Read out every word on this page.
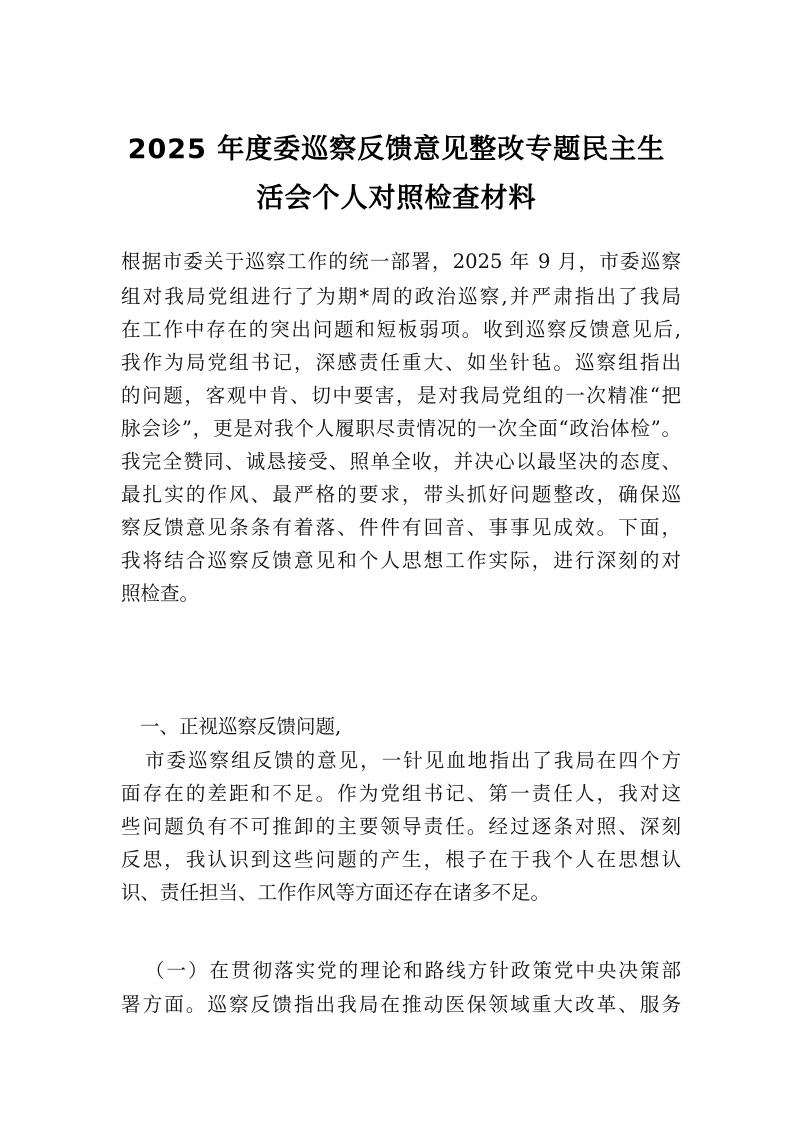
2025 年度委巡察反馈意见整改专题民主生
活会个人对照检查材料
根据市委关于巡察工作的统一部署，2025 年 9 月，市委巡察
组对我局党组进行了为期*周的政治巡察,并严肃指出了我局
在工作中存在的突出问题和短板弱项。收到巡察反馈意见后,
我作为局党组书记，深感责任重大、如坐针毡。巡察组指出
的问题，客观中肯、切中要害，是对我局党组的一次精准“把
脉会诊”，更是对我个人履职尽责情况的一次全面“政治体检”。
我完全赞同、诚恳接受、照单全收，并决心以最坚决的态度、
最扎实的作风、最严格的要求，带头抓好问题整改，确保巡
察反馈意见条条有着落、件件有回音、事事见成效。下面，
我将结合巡察反馈意见和个人思想工作实际，进行深刻的对
照检查。
一、正视巡察反馈问题,
市委巡察组反馈的意见，一针见血地指出了我局在四个方
面存在的差距和不足。作为党组书记、第一责任人，我对这
些问题负有不可推卸的主要领导责任。经过逐条对照、深刻
反思，我认识到这些问题的产生，根子在于我个人在思想认
识、责任担当、工作作风等方面还存在诸多不足。
（一）在贯彻落实党的理论和路线方针政策党中央决策部
署方面。巡察反馈指出我局在推动医保领域重大改革、服务
